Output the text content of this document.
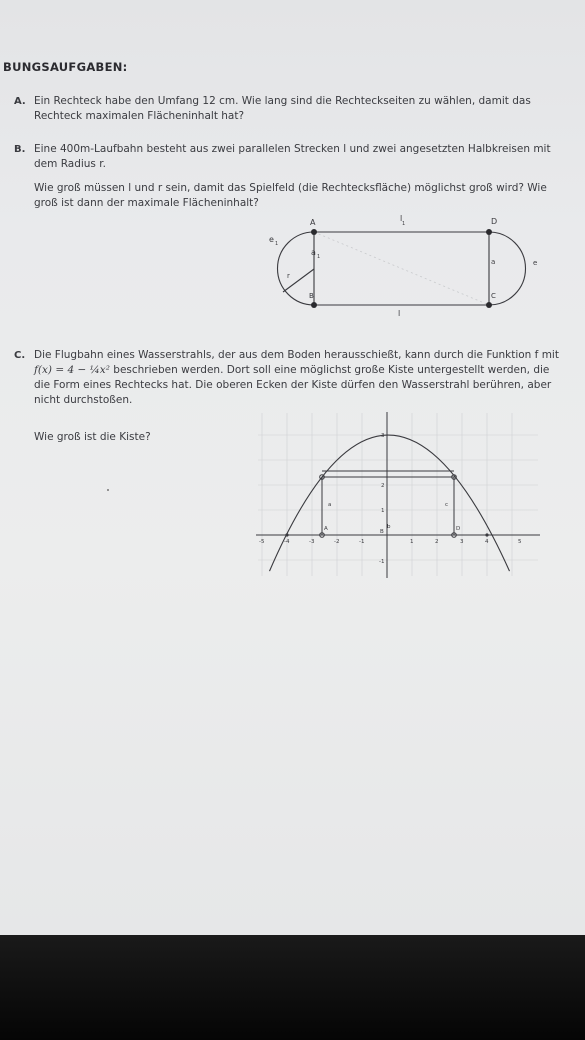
BUNGSAUFGABEN:
A. Ein Rechteck habe den Umfang 12 cm. Wie lang sind die Rechteckseiten zu wählen, damit das Rechteck maximalen Flächeninhalt hat?
B. Eine 400m-Laufbahn besteht aus zwei parallelen Strecken l und zwei angesetzten Halbkreisen mit dem Radius r.

Wie groß müssen l und r sein, damit das Spielfeld (die Rechtecksfläche) möglichst groß wird? Wie groß ist dann der maximale Flächeninhalt?

A	D
B	C
l
1
l
a 1
a
e 1
e
r
C. Die Flugbahn eines Wasserstrahls, der aus dem Boden herausschießt, kann durch die Funktion f mit f(x) = 4 − ¼x² beschrieben werden. Dort soll eine möglichst große Kiste untergestellt werden, die die Form eines Rechtecks hat. Die oberen Ecken der Kiste dürfen den Wasserstrahl berühren, aber nicht durchstoßen.

Wie groß ist die Kiste?
-5	-4	-3	-2	-1	1	2	3	4	5
3
2
1
-1
A	B	D
a	c
b
